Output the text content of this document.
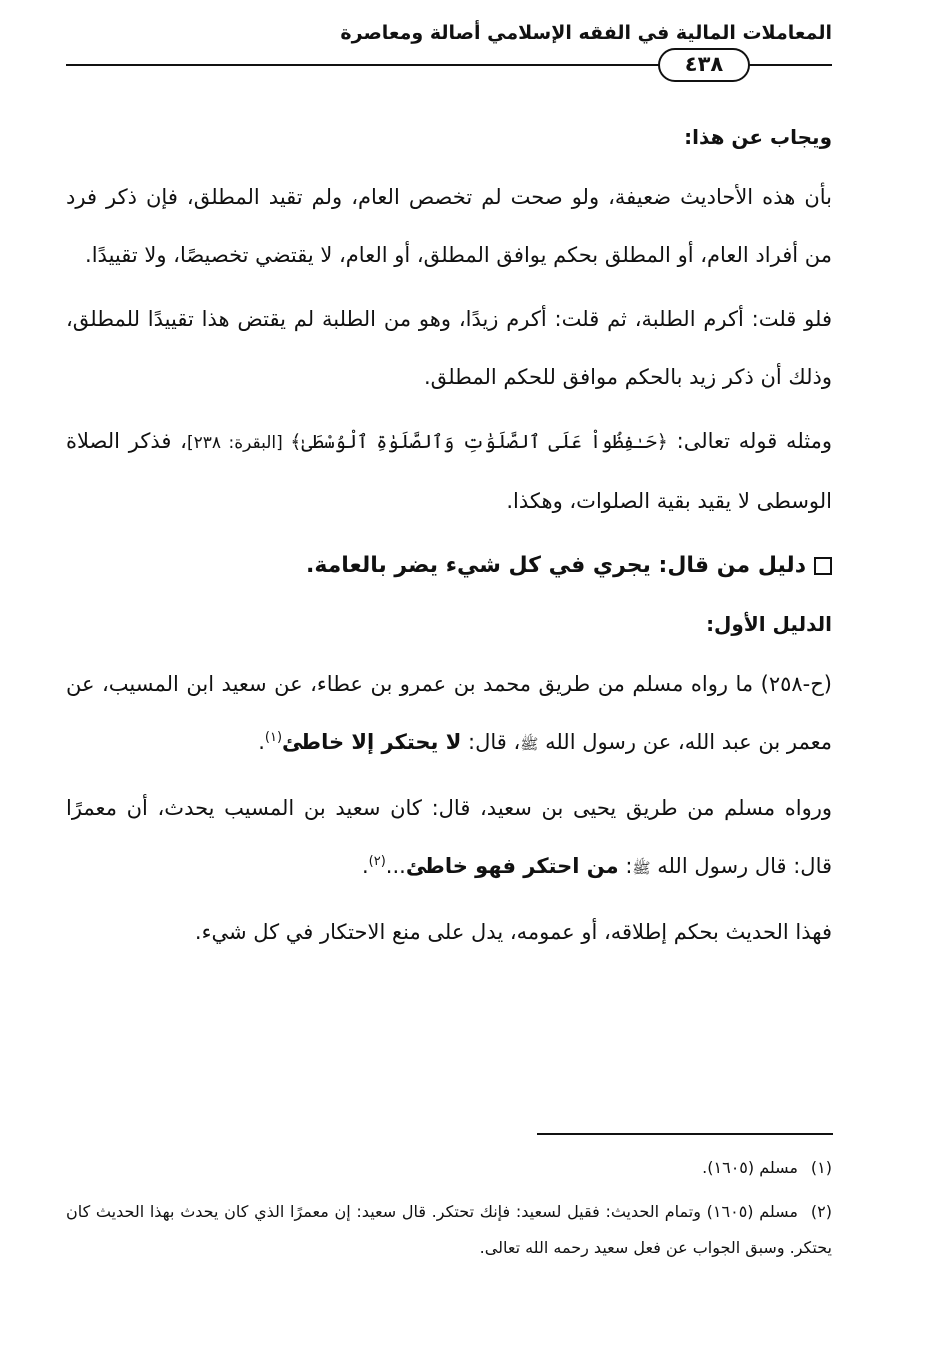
المعاملات المالية في الفقه الإسلامي أصالة ومعاصرة
٤٣٨

ويجاب عن هذا:

بأن هذه الأحاديث ضعيفة، ولو صحت لم تخصص العام، ولم تقيد المطلق، فإن ذكر فرد من أفراد العام، أو المطلق بحكم يوافق المطلق، أو العام، لا يقتضي تخصيصًا، ولا تقييدًا.

فلو قلت: أكرم الطلبة، ثم قلت: أكرم زيدًا، وهو من الطلبة لم يقتض هذا تقييدًا للمطلق، وذلك أن ذكر زيد بالحكم موافق للحكم المطلق.

ومثله قوله تعالى: ﴿حَـٰفِظُواْ عَلَى ٱلصَّلَوَٰتِ وَٱلصَّلَوٰةِ ٱلْوُسْطَىٰ﴾ [البقرة: ٢٣٨]، فذكر الصلاة الوسطى لا يقيد بقية الصلوات، وهكذا.

دليل من قال: يجري في كل شيء يضر بالعامة.

الدليل الأول:

(ح-٢٥٨) ما رواه مسلم من طريق محمد بن عمرو بن عطاء، عن سعيد ابن المسيب، عن معمر بن عبد الله، عن رسول الله ﷺ، قال: لا يحتكر إلا خاطئ$^{(١)}$.

ورواه مسلم من طريق يحيى بن سعيد، قال: كان سعيد بن المسيب يحدث، أن معمرًا قال: قال رسول الله ﷺ: من احتكر فهو خاطئ...$^{(٢)}$.

فهذا الحديث بحكم إطلاقه، أو عمومه، يدل على منع الاحتكار في كل شيء.

(١)مسلم (١٦٠٥).

(٢)مسلم (١٦٠٥) وتمام الحديث: فقيل لسعيد: فإنك تحتكر. قال سعيد: إن معمرًا الذي كان يحدث بهذا الحديث كان يحتكر. وسبق الجواب عن فعل سعيد رحمه الله تعالى.
